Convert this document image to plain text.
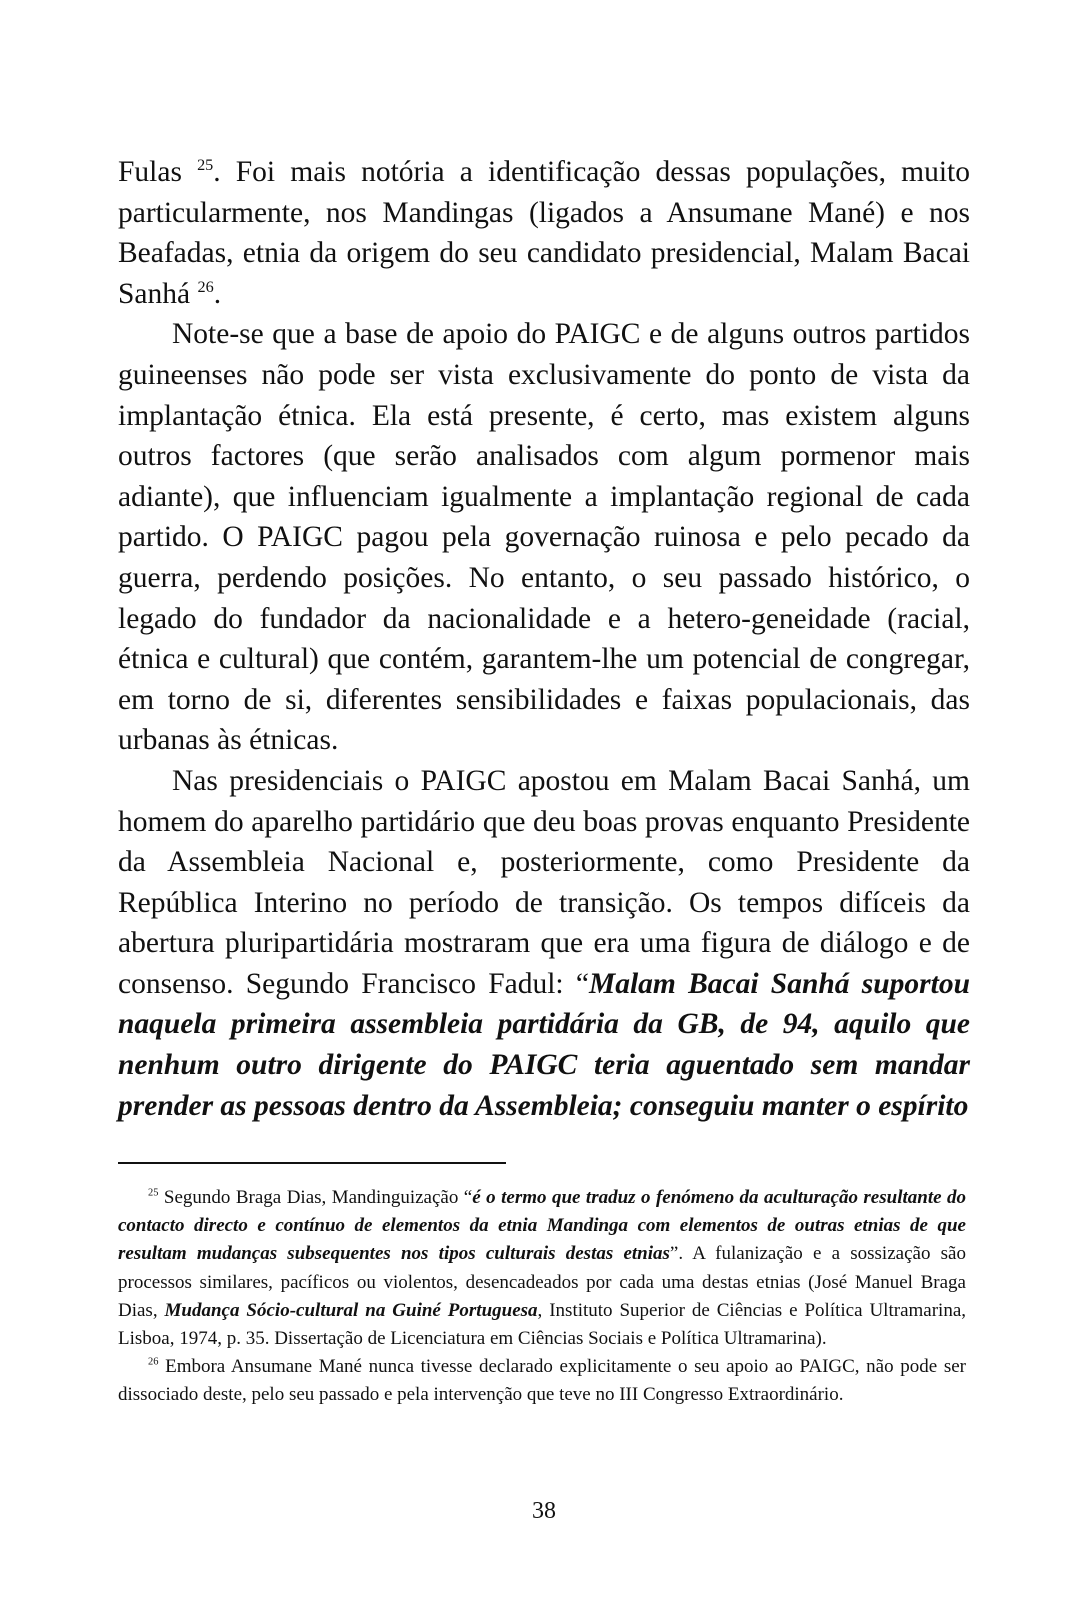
Fulas $^{25}$. Foi mais notória a identificação dessas populações, muito particularmente, nos Mandingas (ligados a Ansumane Mané) e nos Beafadas, etnia da origem do seu candidato presidencial, Malam Bacai Sanhá $^{26}$.

Note-se que a base de apoio do PAIGC e de alguns outros partidos guineenses não pode ser vista exclusivamente do ponto de vista da implantação étnica. Ela está presente, é certo, mas existem alguns outros factores (que serão analisados com algum pormenor mais adiante), que influenciam igualmente a implantação regional de cada partido. O PAIGC pagou pela governação ruinosa e pelo pecado da guerra, perdendo posições. No entanto, o seu passado histórico, o legado do fundador da nacionalidade e a hetero-geneidade (racial, étnica e cultural) que contém, garantem-lhe um potencial de congregar, em torno de si, diferentes sensibilidades e faixas populacionais, das urbanas às étnicas.

Nas presidenciais o PAIGC apostou em Malam Bacai Sanhá, um homem do aparelho partidário que deu boas provas enquanto Presidente da Assembleia Nacional e, posteriormente, como Presidente da República Interino no período de transição. Os tempos difíceis da abertura pluripartidária mostraram que era uma figura de diálogo e de consenso. Segundo Francisco Fadul: “Malam Bacai Sanhá suportou naquela primeira assembleia partidária da GB, de 94, aquilo que nenhum outro dirigente do PAIGC teria aguentado sem mandar prender as pessoas dentro da Assembleia; conseguiu manter o espírito

$^{25}$ Segundo Braga Dias, Mandinguização “é o termo que traduz o fenómeno da aculturação resultante do contacto directo e contínuo de elementos da etnia Mandinga com elementos de outras etnias de que resultam mudanças subsequentes nos tipos culturais destas etnias”. A fulanização e a sossização são processos similares, pacíficos ou violentos, desencadeados por cada uma destas etnias (José Manuel Braga Dias, Mudança Sócio-cultural na Guiné Portuguesa, Instituto Superior de Ciências e Política Ultramarina, Lisboa, 1974, p. 35. Dissertação de Licenciatura em Ciências Sociais e Política Ultramarina).

$^{26}$ Embora Ansumane Mané nunca tivesse declarado explicitamente o seu apoio ao PAIGC, não pode ser dissociado deste, pelo seu passado e pela intervenção que teve no III Congresso Extraordinário.

38
